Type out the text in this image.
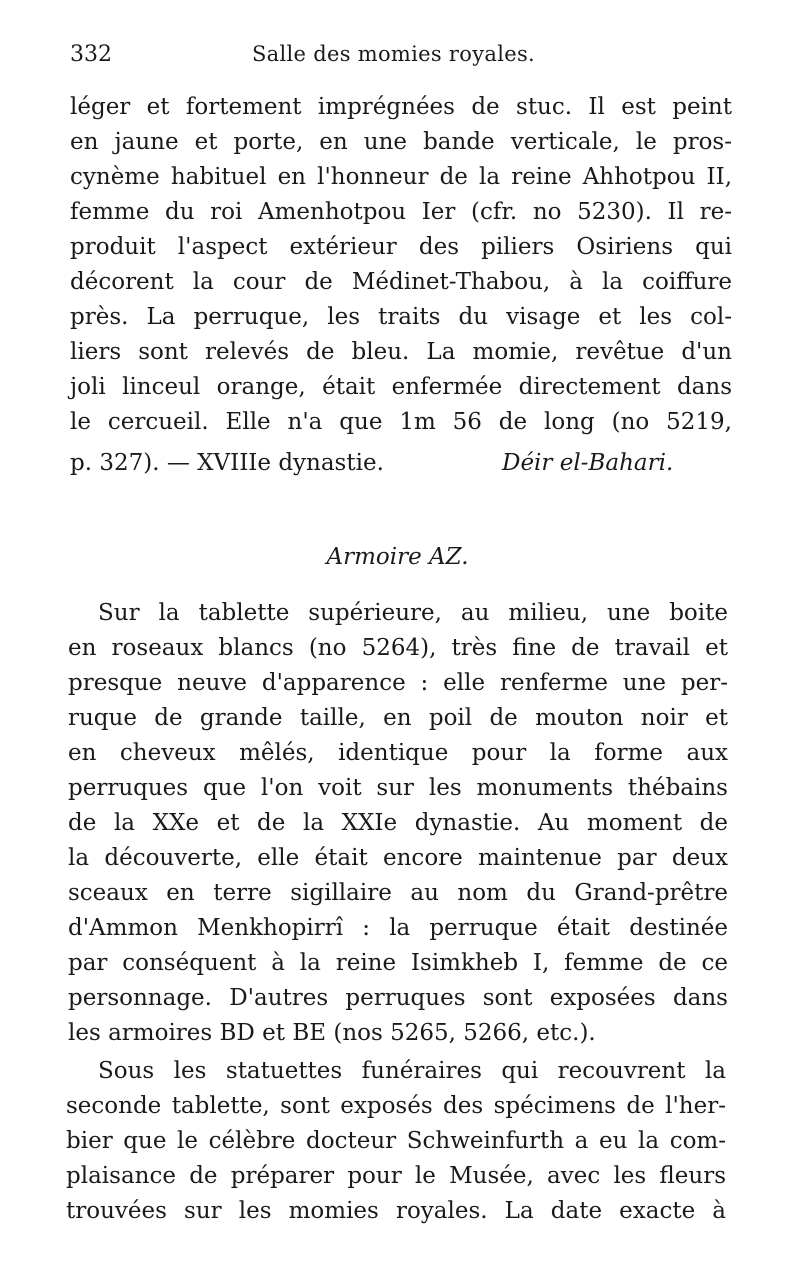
332	Salle des momies royales.
léger et fortement imprégnées de stuc. Il est peint
en jaune et porte, en une bande verticale, le pros-
cynème habituel en l'honneur de la reine Ahhotpou II,
femme du roi Amenhotpou Ier (cfr. no 5230). Il re-
produit l'aspect extérieur des piliers Osiriens qui
décorent la cour de Médinet-Thabou, à la coiffure
près. La perruque, les traits du visage et les col-
liers sont relevés de bleu. La momie, revêtue d'un
joli linceul orange, était enfermée directement dans
le cercueil. Elle n'a que 1m 56 de long (no 5219,
p. 327). — XVIIIe dynastie.	Déir el-Bahari.
Armoire AZ.
Sur la tablette supérieure, au milieu, une boite
en roseaux blancs (no 5264), très fine de travail et
presque neuve d'apparence : elle renferme une per-
ruque de grande taille, en poil de mouton noir et
en cheveux mêlés, identique pour la forme aux
perruques que l'on voit sur les monuments thébains
de la XXe et de la XXIe dynastie. Au moment de
la découverte, elle était encore maintenue par deux
sceaux en terre sigillaire au nom du Grand-prêtre
d'Ammon Menkhopirrî : la perruque était destinée
par conséquent à la reine Isimkheb I, femme de ce
personnage. D'autres perruques sont exposées dans
les armoires BD et BE (nos 5265, 5266, etc.).
Sous les statuettes funéraires qui recouvrent la
seconde tablette, sont exposés des spécimens de l'her-
bier que le célèbre docteur Schweinfurth a eu la com-
plaisance de préparer pour le Musée, avec les fleurs
trouvées sur les momies royales. La date exacte à
